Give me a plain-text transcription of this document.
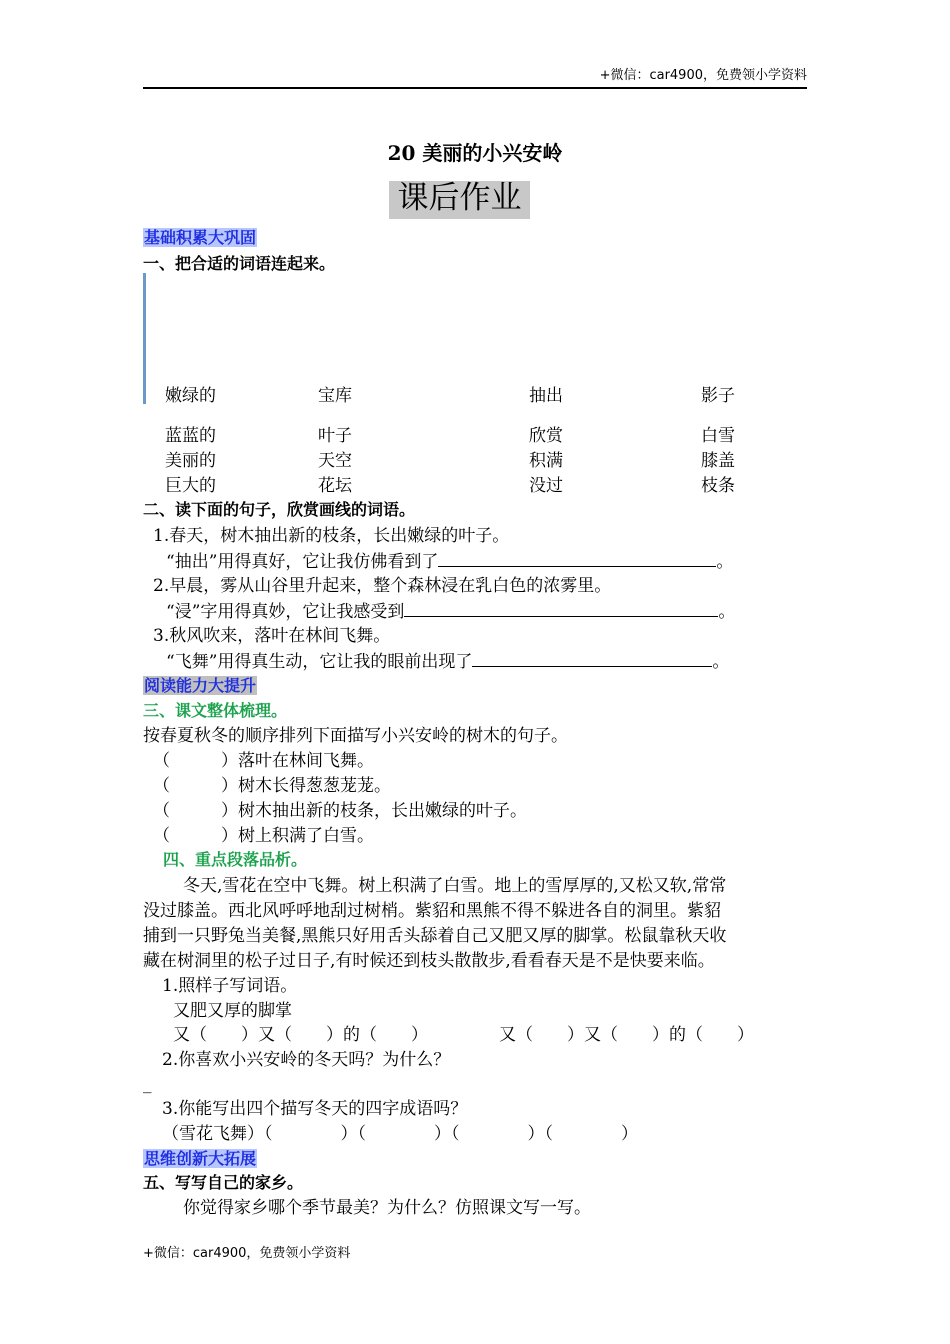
+微信：car4900，免费领小学资料
20 美丽的小兴安岭
课后作业
基础积累大巩固
一、把合适的词语连起来。
嫩绿的	宝库	抽出	影子
蓝蓝的	叶子	欣赏	白雪
美丽的	天空	积满	膝盖
巨大的	花坛	没过	枝条
二、读下面的句子，欣赏画线的词语。
1.春天，树木抽出新的枝条，长出嫩绿的叶子。
“抽出”用得真好，它让我仿佛看到了	。
2.早晨，雾从山谷里升起来，整个森林浸在乳白色的浓雾里。
“浸”字用得真妙，它让我感受到	。
3.秋风吹来，落叶在林间飞舞。
“飞舞”用得真生动，它让我的眼前出现了	。
阅读能力大提升
三、课文整体梳理。
按春夏秋冬的顺序排列下面描写小兴安岭的树木的句子。
（　　　）落叶在林间飞舞。
（　　　）树木长得葱葱茏茏。
（　　　）树木抽出新的枝条，长出嫩绿的叶子。
（　　　）树上积满了白雪。
四、重点段落品析。
冬天,雪花在空中飞舞。树上积满了白雪。地上的雪厚厚的,又松又软,常常
没过膝盖。西北风呼呼地刮过树梢。紫貂和黑熊不得不躲进各自的洞里。紫貂
捕到一只野兔当美餐,黑熊只好用舌头舔着自己又肥又厚的脚掌。松鼠靠秋天收
藏在树洞里的松子过日子,有时候还到枝头散散步,看看春天是不是快要来临。
1.照样子写词语。
又肥又厚的脚掌
又（　　）又（　　）的（　　）	又（　　）又（　　）的（　　）
2.你喜欢小兴安岭的冬天吗？为什么？
_
3.你能写出四个描写冬天的四字成语吗？
（雪花飞舞）（　　　　）（　　　　）（　　　　）（　　　　）
思维创新大拓展
五、写写自己的家乡。
你觉得家乡哪个季节最美？为什么？仿照课文写一写。
+微信：car4900，免费领小学资料
